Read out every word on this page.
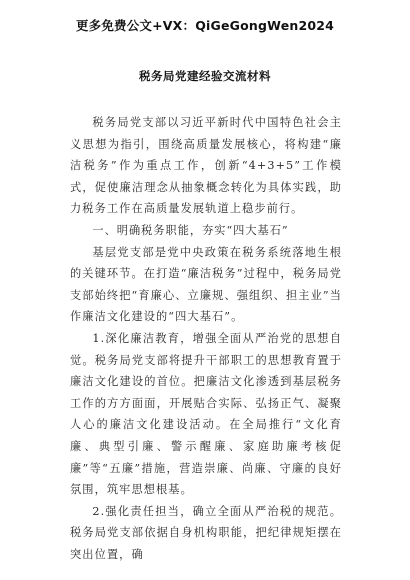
更多免费公文+VX：QiGeGongWen2024
税务局党建经验交流材料

税务局党支部以习近平新时代中国特色社会主义思想为指引，围绕高质量发展核心，将构建“廉洁税务”作为重点工作，创新“4+3+5”工作模式，促使廉洁理念从抽象概念转化为具体实践，助力税务工作在高质量发展轨道上稳步前行。

一、明确税务职能，夯实“四大基石”

基层党支部是党中央政策在税务系统落地生根的关键环节。在打造“廉洁税务”过程中，税务局党支部始终把“育廉心、立廉规、强组织、担主业”当作廉洁文化建设的“四大基石”。

1.深化廉洁教育，增强全面从严治党的思想自觉。税务局党支部将提升干部职工的思想教育置于廉洁文化建设的首位。把廉洁文化渗透到基层税务工作的方方面面，开展贴合实际、弘扬正气、凝聚人心的廉洁文化建设活动。在全局推行“文化育廉、典型引廉、警示醒廉、家庭助廉考核促廉”等“五廉”措施，营造崇廉、尚廉、守廉的良好氛围，筑牢思想根基。

2.强化责任担当，确立全面从严治税的规范。税务局党支部依据自身机构职能，把纪律规矩摆在突出位置，确
